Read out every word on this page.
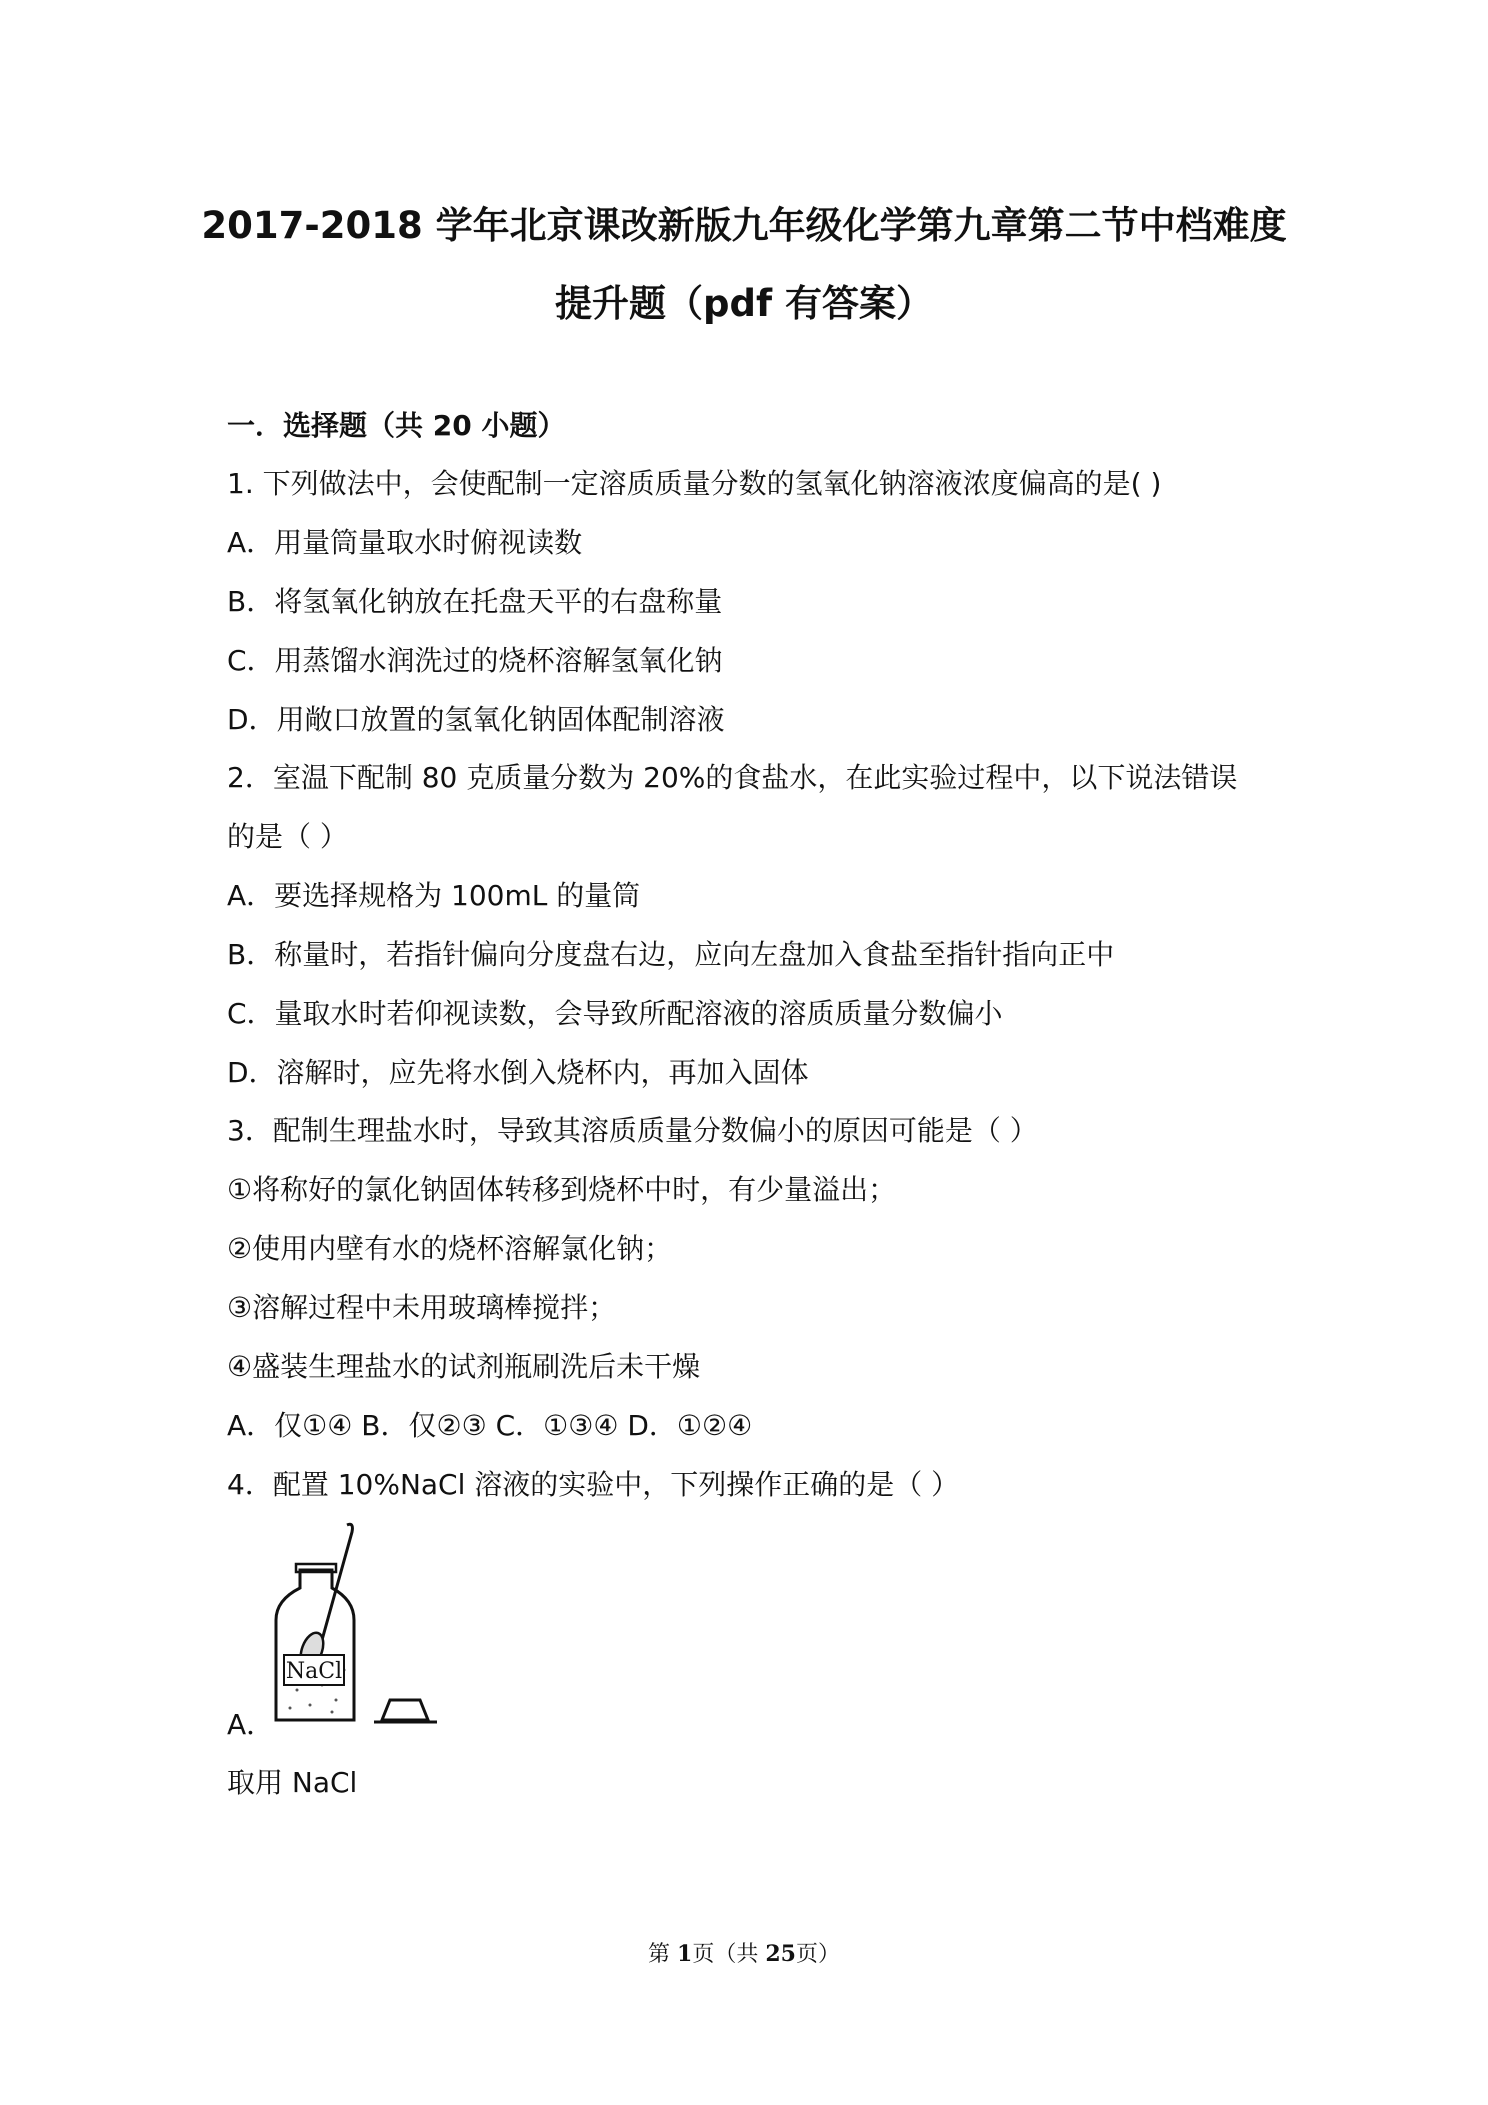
2017-2018 学年北京课改新版九年级化学第九章第二节中档难度
提升题（pdf 有答案）
一．选择题（共 20 小题）
1. 下列做法中，会使配制一定溶质质量分数的氢氧化钠溶液浓度偏高的是( )
A．用量筒量取水时俯视读数
B．将氢氧化钠放在托盘天平的右盘称量
C．用蒸馏水润洗过的烧杯溶解氢氧化钠
D．用敞口放置的氢氧化钠固体配制溶液
2．室温下配制 80 克质量分数为 20%的食盐水，在此实验过程中，以下说法错误
的是（ ）
A．要选择规格为 100mL 的量筒
B．称量时，若指针偏向分度盘右边，应向左盘加入食盐至指针指向正中
C．量取水时若仰视读数，会导致所配溶液的溶质质量分数偏小
D．溶解时，应先将水倒入烧杯内，再加入固体
3．配制生理盐水时，导致其溶质质量分数偏小的原因可能是（ ）
①将称好的氯化钠固体转移到烧杯中时，有少量溢出；
②使用内壁有水的烧杯溶解氯化钠；
③溶解过程中未用玻璃棒搅拌；
④盛装生理盐水的试剂瓶刷洗后未干燥
A．仅①④ B．仅②③ C．①③④ D．①②④
4．配置 10%NaCl 溶液的实验中，下列操作正确的是（ ）
NaCl
A．
取用 NaCl
第 1页（共 25页）
